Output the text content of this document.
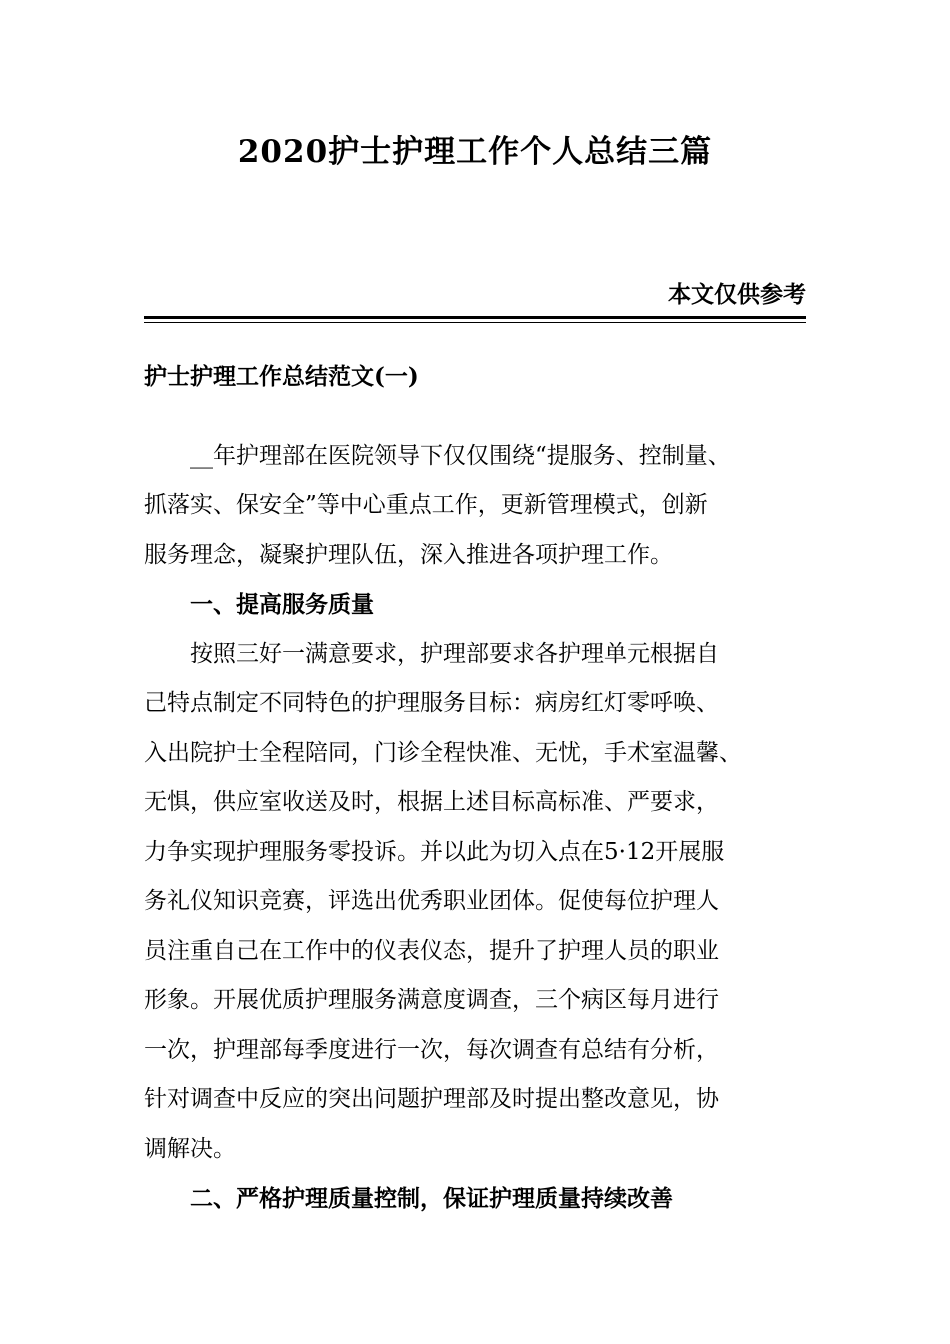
2020护士护理工作个人总结三篇
本文仅供参考

护士护理工作总结范文(一)

__年护理部在医院领导下仅仅围绕“提服务、控制量、
抓落实、保安全”等中心重点工作，更新管理模式，创新
服务理念，凝聚护理队伍，深入推进各项护理工作。

一、提高服务质量

按照三好一满意要求，护理部要求各护理单元根据自
己特点制定不同特色的护理服务目标：病房红灯零呼唤、
入出院护士全程陪同，门诊全程快准、无忧，手术室温馨、
无惧，供应室收送及时，根据上述目标高标准、严要求，
力争实现护理服务零投诉。并以此为切入点在5·12开展服
务礼仪知识竞赛，评选出优秀职业团体。促使每位护理人
员注重自己在工作中的仪表仪态，提升了护理人员的职业
形象。开展优质护理服务满意度调查，三个病区每月进行
一次，护理部每季度进行一次，每次调查有总结有分析，
针对调查中反应的突出问题护理部及时提出整改意见，协
调解决。

二、严格护理质量控制，保证护理质量持续改善
